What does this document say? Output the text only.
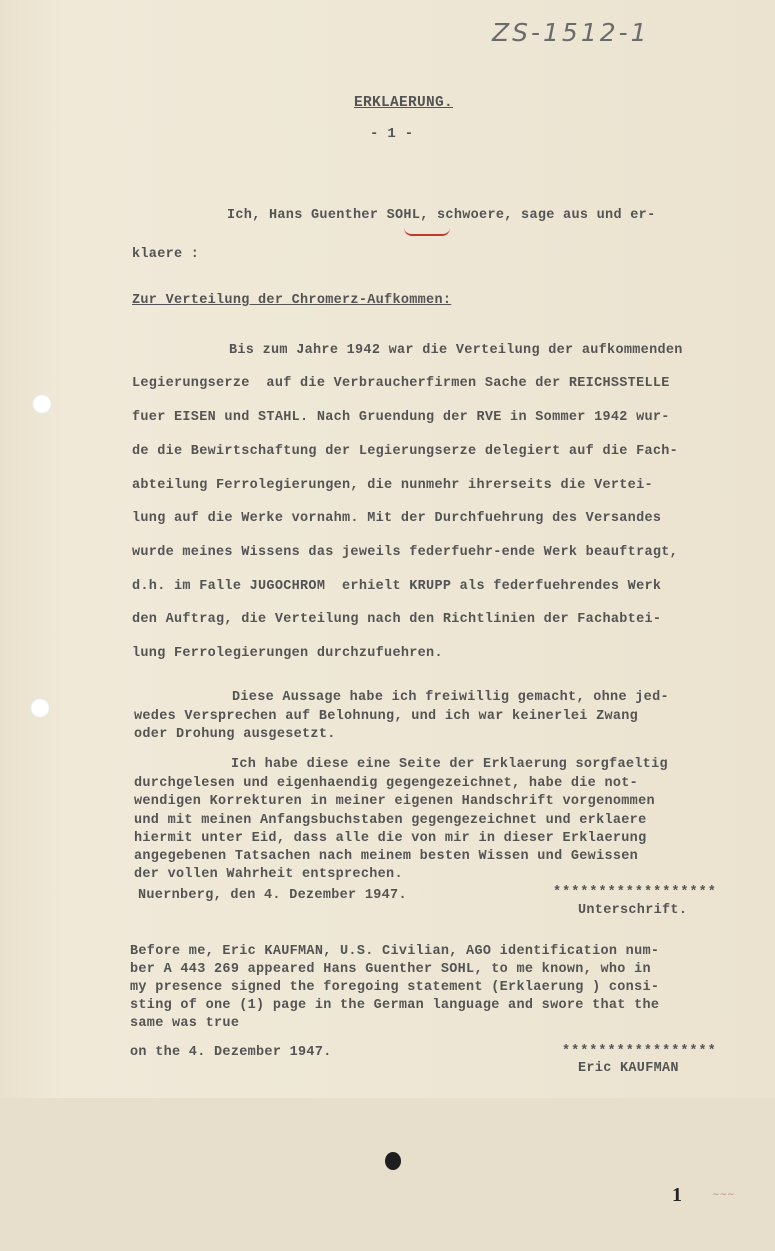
ZS-1512-1
ERKLAERUNG.
- 1 -
Ich, Hans Guenther SOHL, schwoere, sage aus und er-
klaere :
Zur Verteilung der Chromerz-Aufkommen:
Bis zum Jahre 1942 war die Verteilung der aufkommenden
Legierungserze  auf die Verbraucherfirmen Sache der REICHSSTELLE
fuer EISEN und STAHL. Nach Gruendung der RVE in Sommer 1942 wur-
de die Bewirtschaftung der Legierungserze delegiert auf die Fach-
abteilung Ferrolegierungen, die nunmehr ihrerseits die Vertei-
lung auf die Werke vornahm. Mit der Durchfuehrung des Versandes
wurde meines Wissens das jeweils federfuehr-ende Werk beauftragt,
d.h. im Falle JUGOCHROM  erhielt KRUPP als federfuehrendes Werk
den Auftrag, die Verteilung nach den Richtlinien der Fachabtei-
lung Ferrolegierungen durchzufuehren.
Diese Aussage habe ich freiwillig gemacht, ohne jed-
wedes Versprechen auf Belohnung, und ich war keinerlei Zwang
oder Drohung ausgesetzt.
Ich habe diese eine Seite der Erklaerung sorgfaeltig
durchgelesen und eigenhaendig gegengezeichnet, habe die not-
wendigen Korrekturen in meiner eigenen Handschrift vorgenommen
und mit meinen Anfangsbuchstaben gegengezeichnet und erklaere
hiermit unter Eid, dass alle die von mir in dieser Erklaerung
angegebenen Tatsachen nach meinem besten Wissen und Gewissen
der vollen Wahrheit entsprechen.
Nuernberg, den 4. Dezember 1947.	******************
Unterschrift.
Before me, Eric KAUFMAN, U.S. Civilian, AGO identification num-
ber A 443 269 appeared Hans Guenther SOHL, to me known, who in
my presence signed the foregoing statement (Erklaerung ) consi-
sting of one (1) page in the German language and swore that the
same was true
on the 4. Dezember 1947.	*****************
Eric KAUFMAN
1	~~~
